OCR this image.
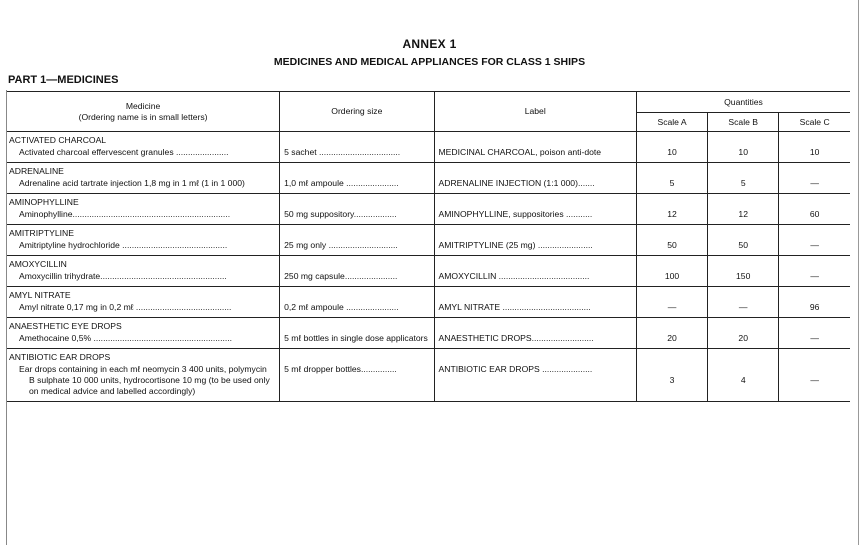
ANNEX 1
MEDICINES AND MEDICAL APPLIANCES FOR CLASS 1 SHIPS
PART 1—MEDICINES
Medicine
(Ordering name is in small letters)	Ordering size	Label	Quantities		
			Scale A	Scale B	Scale C
ACTIVATED CHARCOAL					

Activated charcoal effervescent granules ......................	5 sachet ..................................	MEDICINAL CHARCOAL, poison anti-dote	10	10	10
ADRENALINE					

Adrenaline acid tartrate injection 1,8 mg in 1 mℓ (1 in 1 000)	1,0 mℓ ampoule ......................	ADRENALINE INJECTION (1:1 000).......	5	5	—
AMINOPHYLLINE					

Aminophylline..................................................................	50 mg suppository..................	AMINOPHYLLINE, suppositories ...........	12	12	60
AMITRIPTYLINE					

Amitriptyline hydrochloride ............................................	25 mg only .............................	AMITRIPTYLINE (25 mg) .......................	50	50	—
AMOXYCILLIN					

Amoxycillin trihydrate.....................................................	250 mg capsule......................	AMOXYCILLIN ......................................	100	150	—
AMYL NITRATE					

Amyl nitrate 0,17 mg in 0,2 mℓ ........................................	0,2 mℓ ampoule ......................	AMYL NITRATE .....................................	—	—	96
ANAESTHETIC EYE DROPS					

Amethocaine 0,5% ..........................................................	5 mℓ bottles in single dose applicators	ANAESTHETIC DROPS..........................	20	20	—
ANTIBIOTIC EAR DROPS					

Ear drops containing in each mℓ neomycin 3 400 units, polymycin B sulphate 10 000 units, hydrocortisone 10 mg (to be used only on medical advice and labelled accordingly)	5 mℓ dropper bottles...............	ANTIBIOTIC EAR DROPS .....................	3	4	—
